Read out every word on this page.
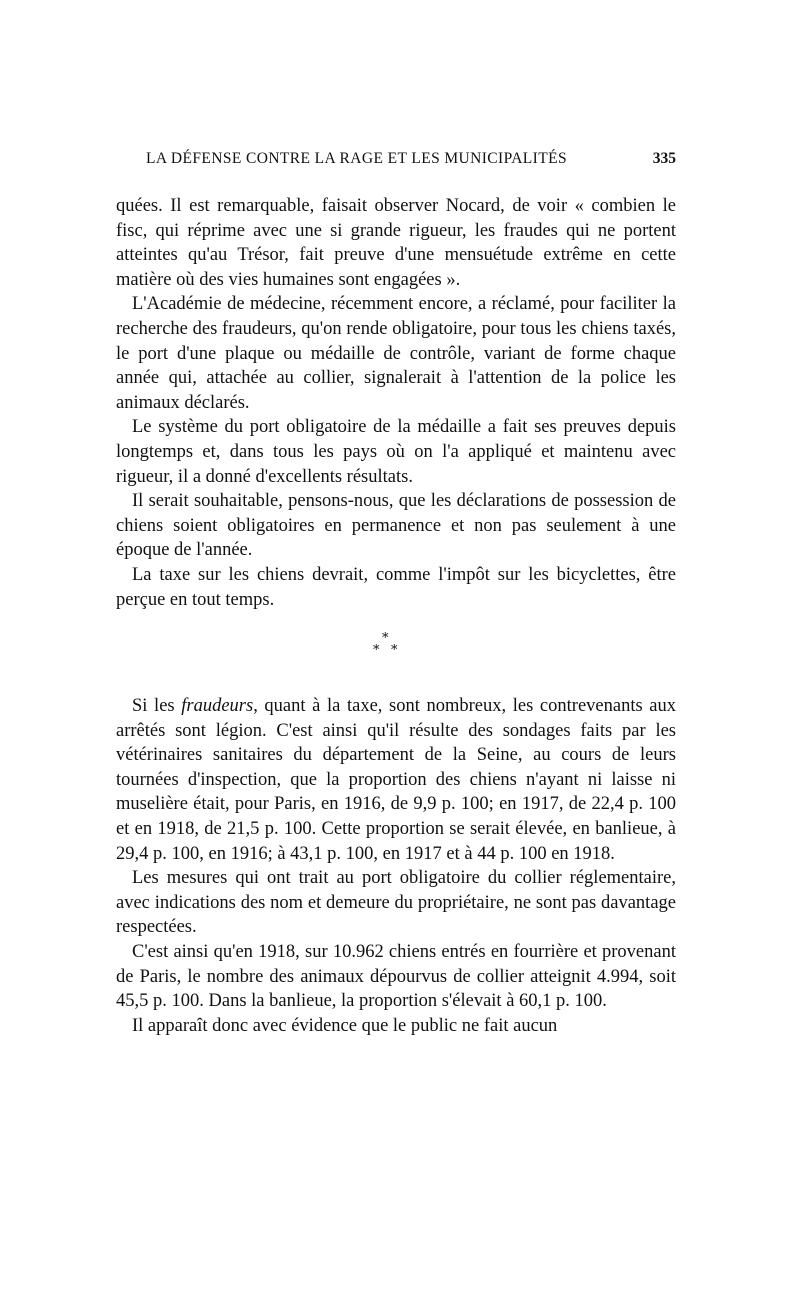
LA DÉFENSE CONTRE LA RAGE ET LES MUNICIPALITÉS	335

quées. Il est remarquable, faisait observer Nocard, de voir « combien le fisc, qui réprime avec une si grande rigueur, les fraudes qui ne portent atteintes qu'au Trésor, fait preuve d'une mensuétude extrême en cette matière où des vies humaines sont engagées ».

L'Académie de médecine, récemment encore, a réclamé, pour faciliter la recherche des fraudeurs, qu'on rende obligatoire, pour tous les chiens taxés, le port d'une plaque ou médaille de contrôle, variant de forme chaque année qui, attachée au collier, signalerait à l'attention de la police les animaux déclarés.

Le système du port obligatoire de la médaille a fait ses preuves depuis longtemps et, dans tous les pays où on l'a appliqué et maintenu avec rigueur, il a donné d'excellents résultats.

Il serait souhaitable, pensons-nous, que les déclarations de possession de chiens soient obligatoires en permanence et non pas seulement à une époque de l'année.

La taxe sur les chiens devrait, comme l'impôt sur les bicyclettes, être perçue en tout temps.

*
* *

Si les fraudeurs, quant à la taxe, sont nombreux, les contrevenants aux arrêtés sont légion. C'est ainsi qu'il résulte des sondages faits par les vétérinaires sanitaires du département de la Seine, au cours de leurs tournées d'inspection, que la proportion des chiens n'ayant ni laisse ni muselière était, pour Paris, en 1916, de 9,9 p. 100; en 1917, de 22,4 p. 100 et en 1918, de 21,5 p. 100. Cette proportion se serait élevée, en banlieue, à 29,4 p. 100, en 1916; à 43,1 p. 100, en 1917 et à 44 p. 100 en 1918.

Les mesures qui ont trait au port obligatoire du collier réglementaire, avec indications des nom et demeure du propriétaire, ne sont pas davantage respectées.

C'est ainsi qu'en 1918, sur 10.962 chiens entrés en fourrière et provenant de Paris, le nombre des animaux dépourvus de collier atteignit 4.994, soit 45,5 p. 100. Dans la banlieue, la proportion s'élevait à 60,1 p. 100.

Il apparaît donc avec évidence que le public ne fait aucun
